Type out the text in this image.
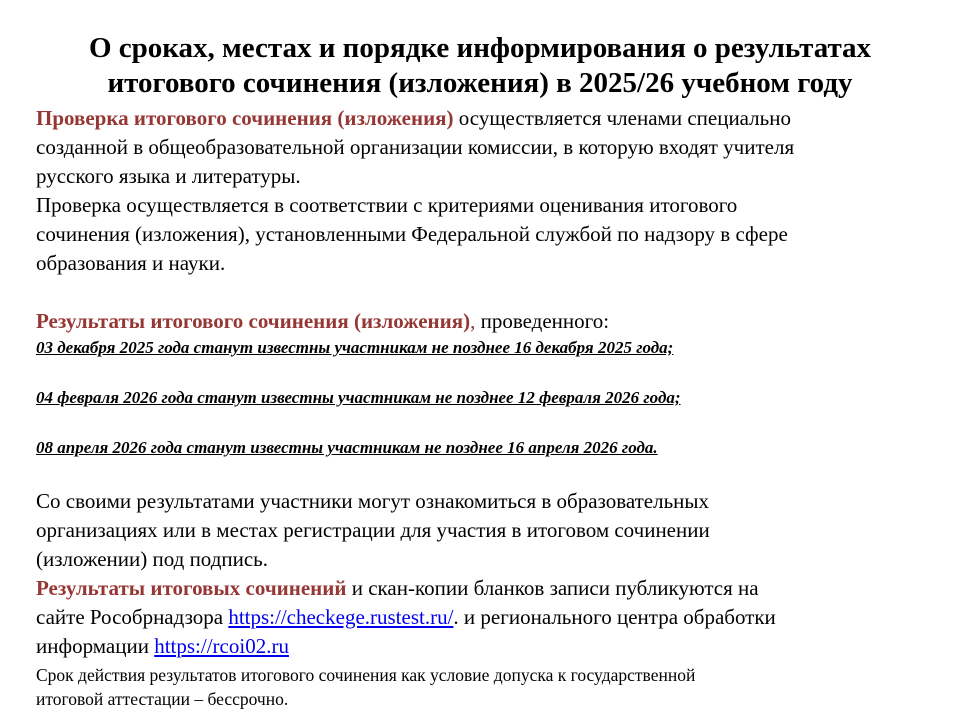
О сроках, местах и порядке информирования о результатах
итогового сочинения (изложения) в 2025/26 учебном году

Проверка итогового сочинения (изложения) осуществляется членами специально

созданной в общеобразовательной организации комиссии, в которую входят учителя

русского языка и литературы.

Проверка осуществляется в соответствии с критериями оценивания итогового

сочинения (изложения), установленными Федеральной службой по надзору в сфере

образования и науки.

Результаты итогового сочинения (изложения), проведенного:

03 декабря 2025 года станут известны участникам не позднее 16 декабря 2025 года;

04 февраля 2026 года станут известны участникам не позднее 12 февраля 2026 года;

08 апреля 2026 года станут известны участникам не позднее 16 апреля 2026 года.

Со своими результатами участники могут ознакомиться в образовательных

организациях или в местах регистрации для участия в итоговом сочинении

(изложении) под подпись.

Результаты итоговых сочинений и скан-копии бланков записи публикуются на

сайте Рособрнадзора https://checkege.rustest.ru/. и регионального центра обработки

информации https://rcoi02.ru

Срок действия результатов итогового сочинения как условие допуска к государственной

итоговой аттестации – бессрочно.
